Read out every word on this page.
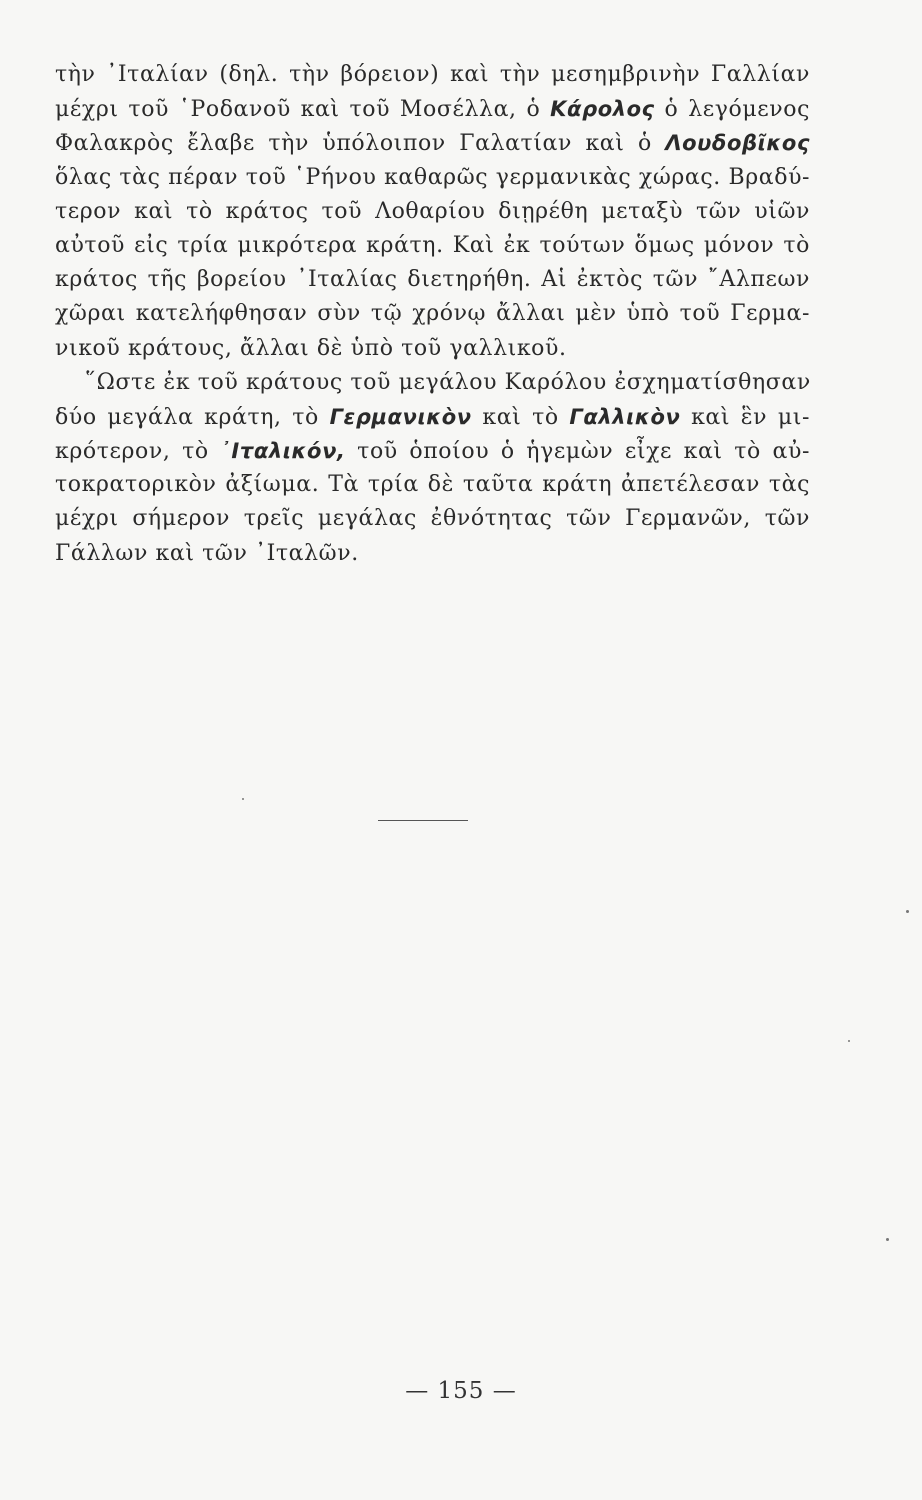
τὴν ᾿Ιταλίαν (δηλ. τὴν βόρειον) καὶ τὴν μεσημβρινὴν Γαλλίαν
μέχρι τοῦ ῾Ροδανοῦ καὶ τοῦ Μοσέλλα, ὁ Κάρολος ὁ λεγόμενος
Φαλακρὸς ἔλαβε τὴν ὑπόλοιπον Γαλατίαν καὶ ὁ Λουδοβῖκος
ὅλας τὰς πέραν τοῦ ῾Ρήνου καθαρῶς γερμανικὰς χώρας. Βραδύ-
τερον καὶ τὸ κράτος τοῦ Λοθαρίου διῃρέθη μεταξὺ τῶν υἱῶν
αὐτοῦ εἰς τρία μικρότερα κράτη. Καὶ ἐκ τούτων ὅμως μόνον τὸ
κράτος τῆς βορείου ᾿Ιταλίας διετηρήθη. Αἱ ἐκτὸς τῶν ῎Αλπεων
χῶραι κατελήφθησαν σὺν τῷ χρόνῳ ἄλλαι μὲν ὑπὸ τοῦ Γερμα-
νικοῦ κράτους, ἄλλαι δὲ ὑπὸ τοῦ γαλλικοῦ.
῞Ωστε ἐκ τοῦ κράτους τοῦ μεγάλου Καρόλου ἐσχηματίσθησαν
δύο μεγάλα κράτη, τὸ Γερμανικὸν καὶ τὸ Γαλλικὸν καὶ ἓν μι-
κρότερον, τὸ ᾿Ιταλικόν, τοῦ ὁποίου ὁ ἡγεμὼν εἶχε καὶ τὸ αὐ-
τοκρατορικὸν ἀξίωμα. Τὰ τρία δὲ ταῦτα κράτη ἀπετέλεσαν τὰς
μέχρι σήμερον τρεῖς μεγάλας ἐθνότητας τῶν Γερμανῶν, τῶν
Γάλλων καὶ τῶν ᾿Ιταλῶν.
— 155 —
